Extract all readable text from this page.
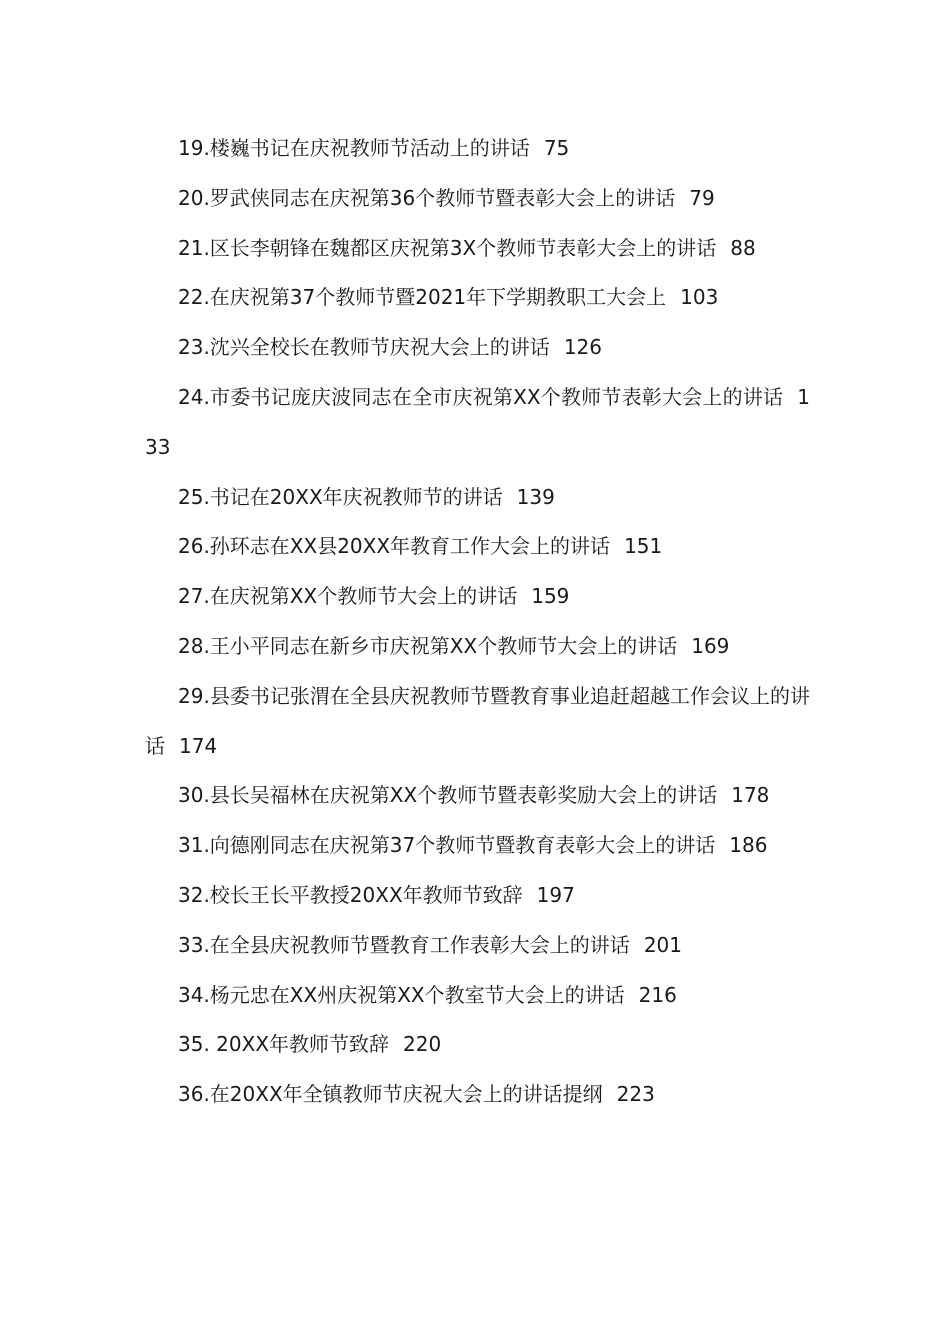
19.楼巍书记在庆祝教师节活动上的讲话 75
20.罗武侠同志在庆祝第36个教师节暨表彰大会上的讲话 79
21.区长李朝锋在魏都区庆祝第3X个教师节表彰大会上的讲话 88
22.在庆祝第37个教师节暨2021年下学期教职工大会上 103
23.沈兴全校长在教师节庆祝大会上的讲话 126
24.市委书记庞庆波同志在全市庆祝第XX个教师节表彰大会上的讲话 133
25.书记在20XX年庆祝教师节的讲话 139
26.孙环志在XX县20XX年教育工作大会上的讲话 151
27.在庆祝第XX个教师节大会上的讲话 159
28.王小平同志在新乡市庆祝第XX个教师节大会上的讲话 169
29.县委书记张渭在全县庆祝教师节暨教育事业追赶超越工作会议上的讲话 174
30.县长吴福林在庆祝第XX个教师节暨表彰奖励大会上的讲话 178
31.向德刚同志在庆祝第37个教师节暨教育表彰大会上的讲话 186
32.校长王长平教授20XX年教师节致辞 197
33.在全县庆祝教师节暨教育工作表彰大会上的讲话 201
34.杨元忠在XX州庆祝第XX个教室节大会上的讲话 216
35. 20XX年教师节致辞 220
36.在20XX年全镇教师节庆祝大会上的讲话提纲 223
